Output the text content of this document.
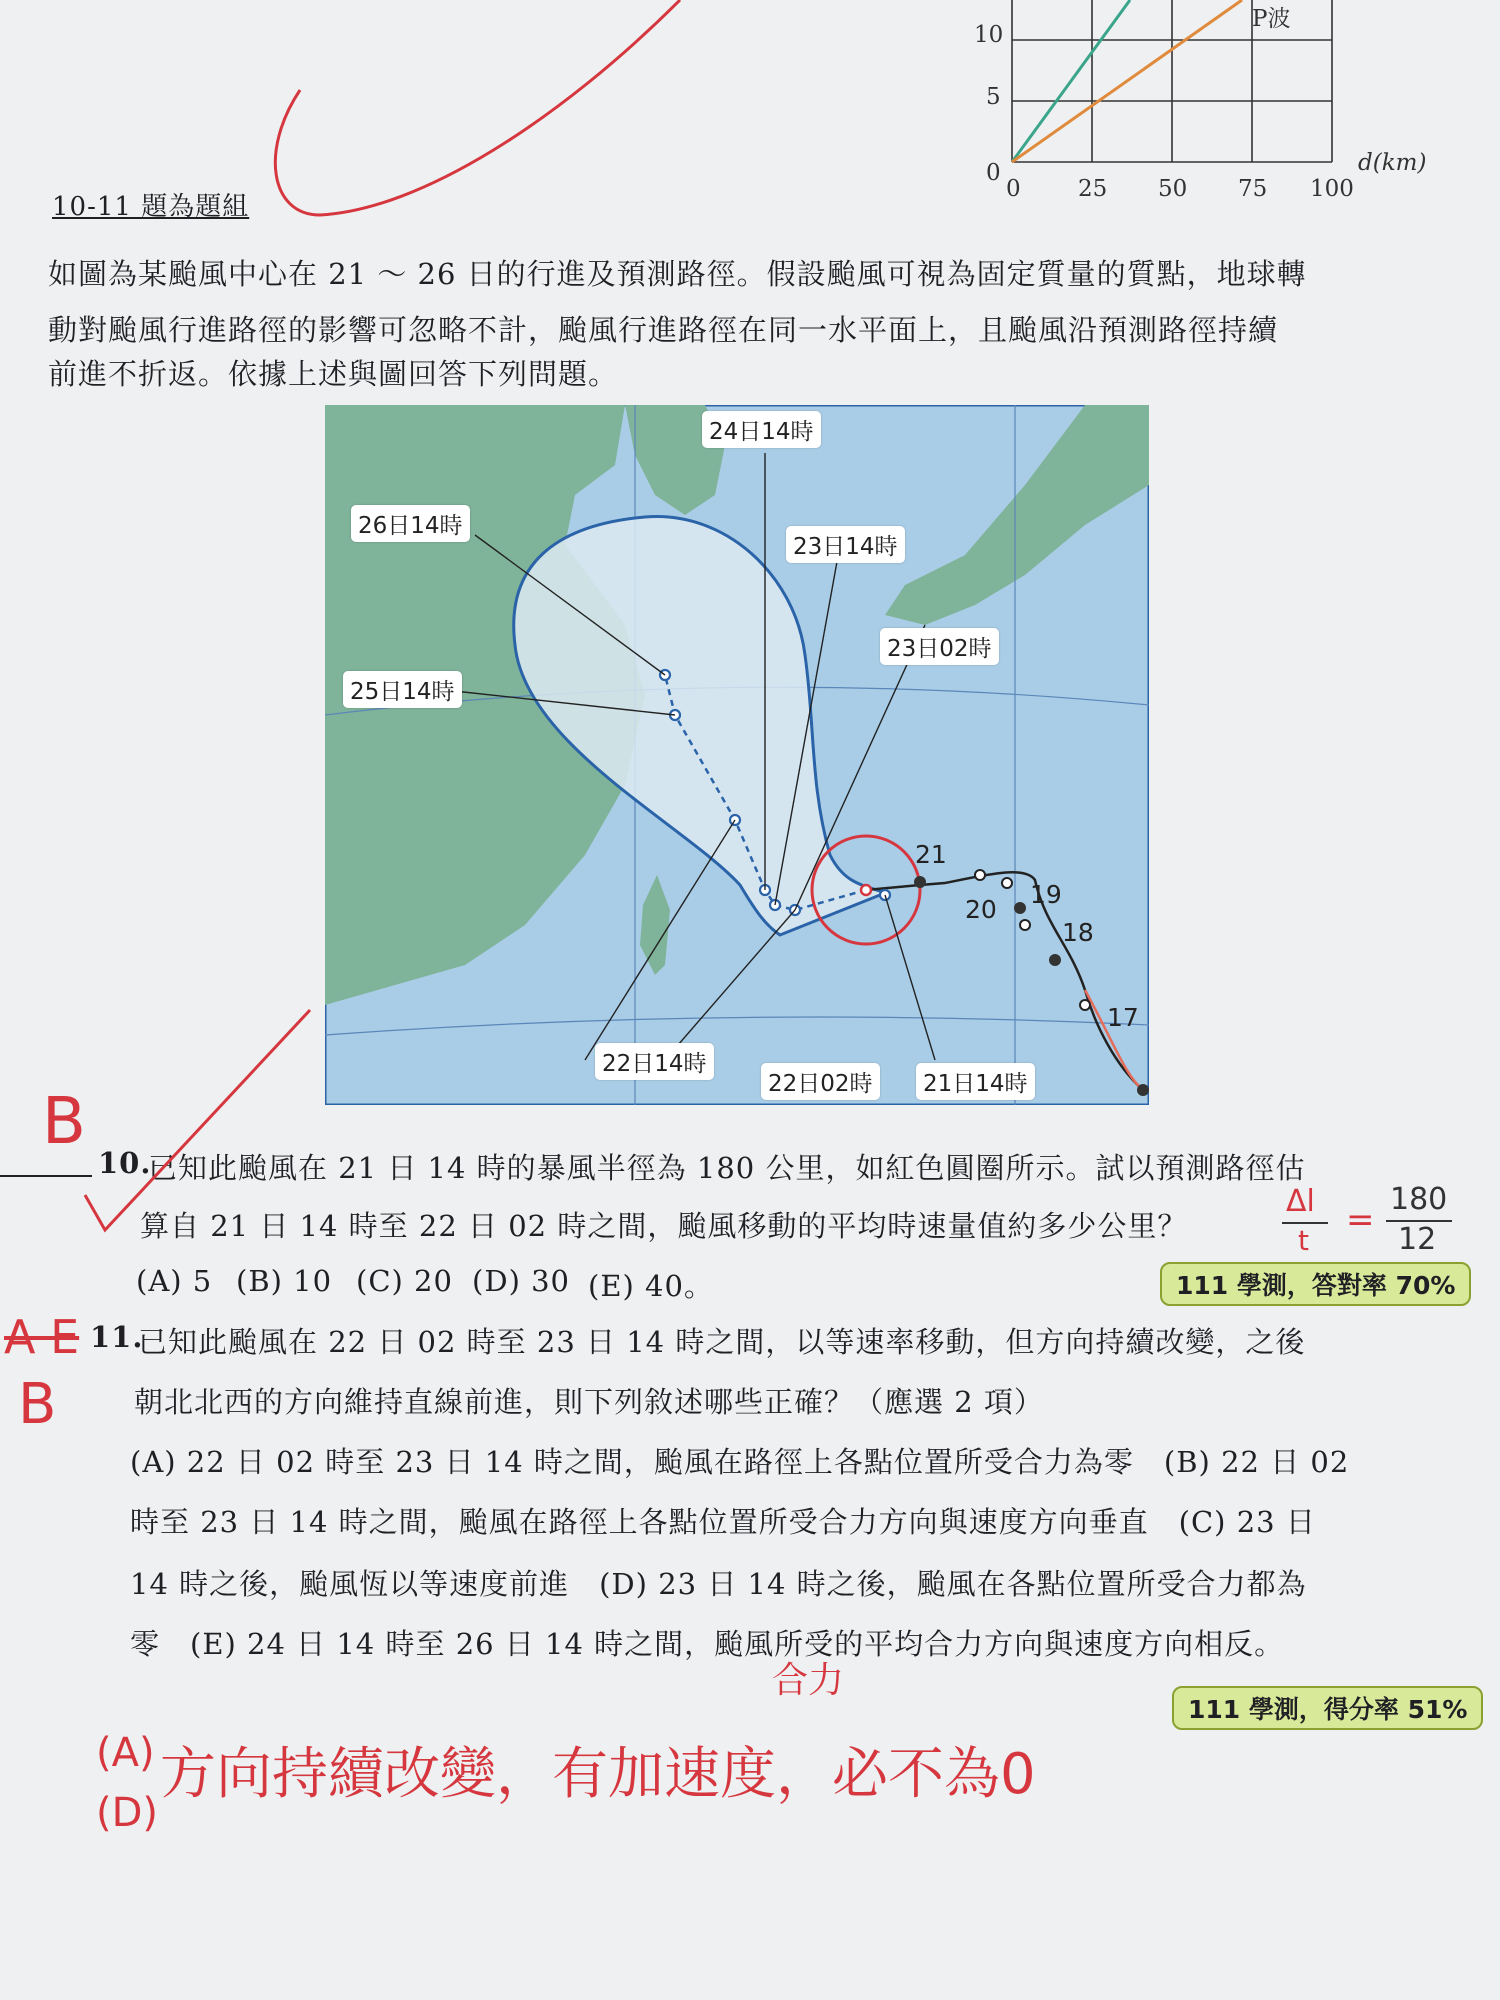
10
5
0
0 25 50 75 100
d(km)
P波
10-11 題為題組
如圖為某颱風中心在 21 ～ 26 日的行進及預測路徑。假設颱風可視為固定質量的質點，地球轉
動對颱風行進路徑的影響可忽略不計，颱風行進路徑在同一水平面上，且颱風沿預測路徑持續
前進不折返。依據上述與圖回答下列問題。
24日14時
26日14時
23日14時
23日02時
25日14時
22日14時
22日02時	21日14時
21
20
19
18
17
B
10.
已知此颱風在 21 日 14 時的暴風半徑為 180 公里，如紅色圓圈所示。試以預測路徑估
算自 21 日 14 時至 22 日 02 時之間，颱風移動的平均時速量值約多少公里？
(A) 5 (B) 10 (C) 20 (D) 30 (E) 40。	111 學測，答對率 70%
Δl
t
=
180
12
A E
B
11.
已知此颱風在 22 日 02 時至 23 日 14 時之間，以等速率移動，但方向持續改變，之後
朝北北西的方向維持直線前進，則下列敘述哪些正確？（應選 2 項）
(A) 22 日 02 時至 23 日 14 時之間，颱風在路徑上各點位置所受合力為零　(B) 22 日 02
時至 23 日 14 時之間，颱風在路徑上各點位置所受合力方向與速度方向垂直　(C) 23 日
14 時之後，颱風恆以等速度前進　(D) 23 日 14 時之後，颱風在各點位置所受合力都為
零　(E) 24 日 14 時至 26 日 14 時之間，颱風所受的平均合力方向與速度方向相反。
111 學測，得分率 51%
(A)
(D)
合力
方向持續改變，有加速度，必不為0
